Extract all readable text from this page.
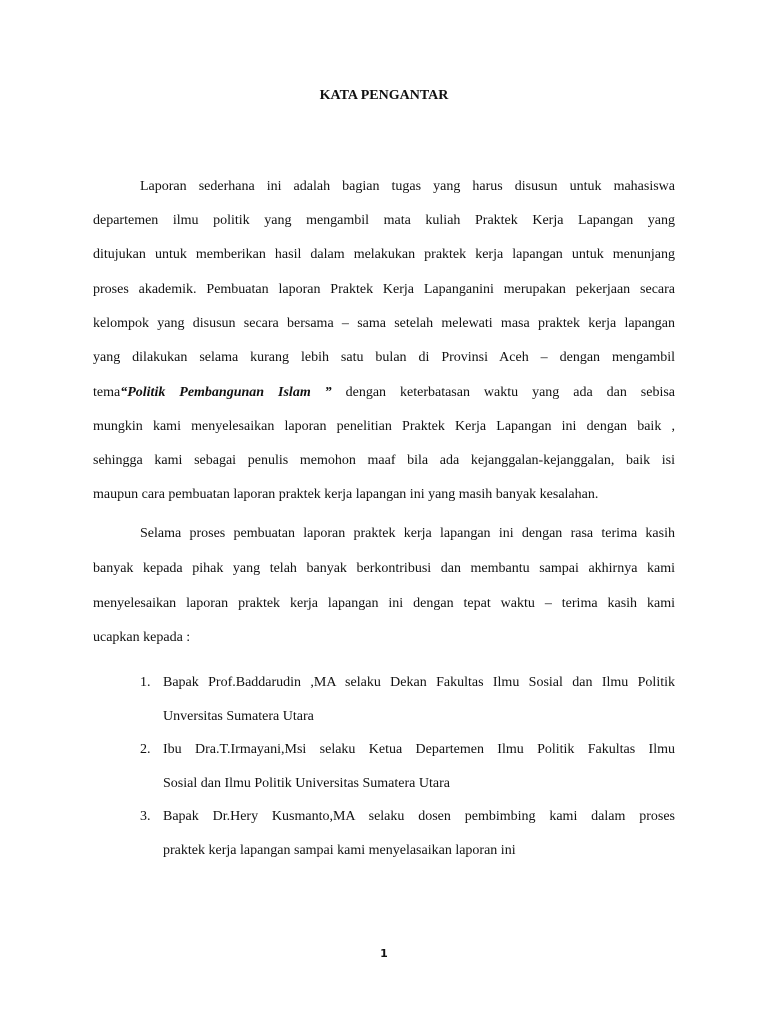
KATA PENGANTAR

Laporan sederhana ini adalah bagian tugas yang harus disusun untuk mahasiswa

departemen ilmu politik yang mengambil mata kuliah Praktek Kerja Lapangan yang

ditujukan untuk memberikan hasil dalam melakukan praktek kerja lapangan untuk menunjang

proses akademik. Pembuatan laporan Praktek Kerja Lapanganini merupakan pekerjaan secara

kelompok yang disusun secara bersama – sama setelah melewati masa praktek kerja lapangan

yang dilakukan selama kurang lebih satu bulan di Provinsi Aceh – dengan mengambil

tema“Politik Pembangunan Islam ” dengan keterbatasan waktu yang ada dan sebisa

mungkin kami menyelesaikan laporan penelitian Praktek Kerja Lapangan ini dengan baik ,

sehingga kami sebagai penulis memohon maaf bila ada kejanggalan-kejanggalan, baik isi

maupun cara pembuatan laporan praktek kerja lapangan ini yang masih banyak kesalahan.

Selama proses pembuatan laporan praktek kerja lapangan ini dengan rasa terima kasih

banyak kepada pihak yang telah banyak berkontribusi dan membantu sampai akhirnya kami

menyelesaikan laporan praktek kerja lapangan ini dengan tepat waktu – terima kasih kami

ucapkan kepada :

1. Bapak Prof.Baddarudin ,MA selaku Dekan Fakultas Ilmu Sosial dan Ilmu Politik

Unversitas Sumatera Utara

2. Ibu Dra.T.Irmayani,Msi selaku Ketua Departemen Ilmu Politik Fakultas Ilmu

Sosial dan Ilmu Politik Universitas Sumatera Utara

3. Bapak Dr.Hery Kusmanto,MA selaku dosen pembimbing kami dalam proses

praktek kerja lapangan sampai kami menyelasaikan laporan ini

1
